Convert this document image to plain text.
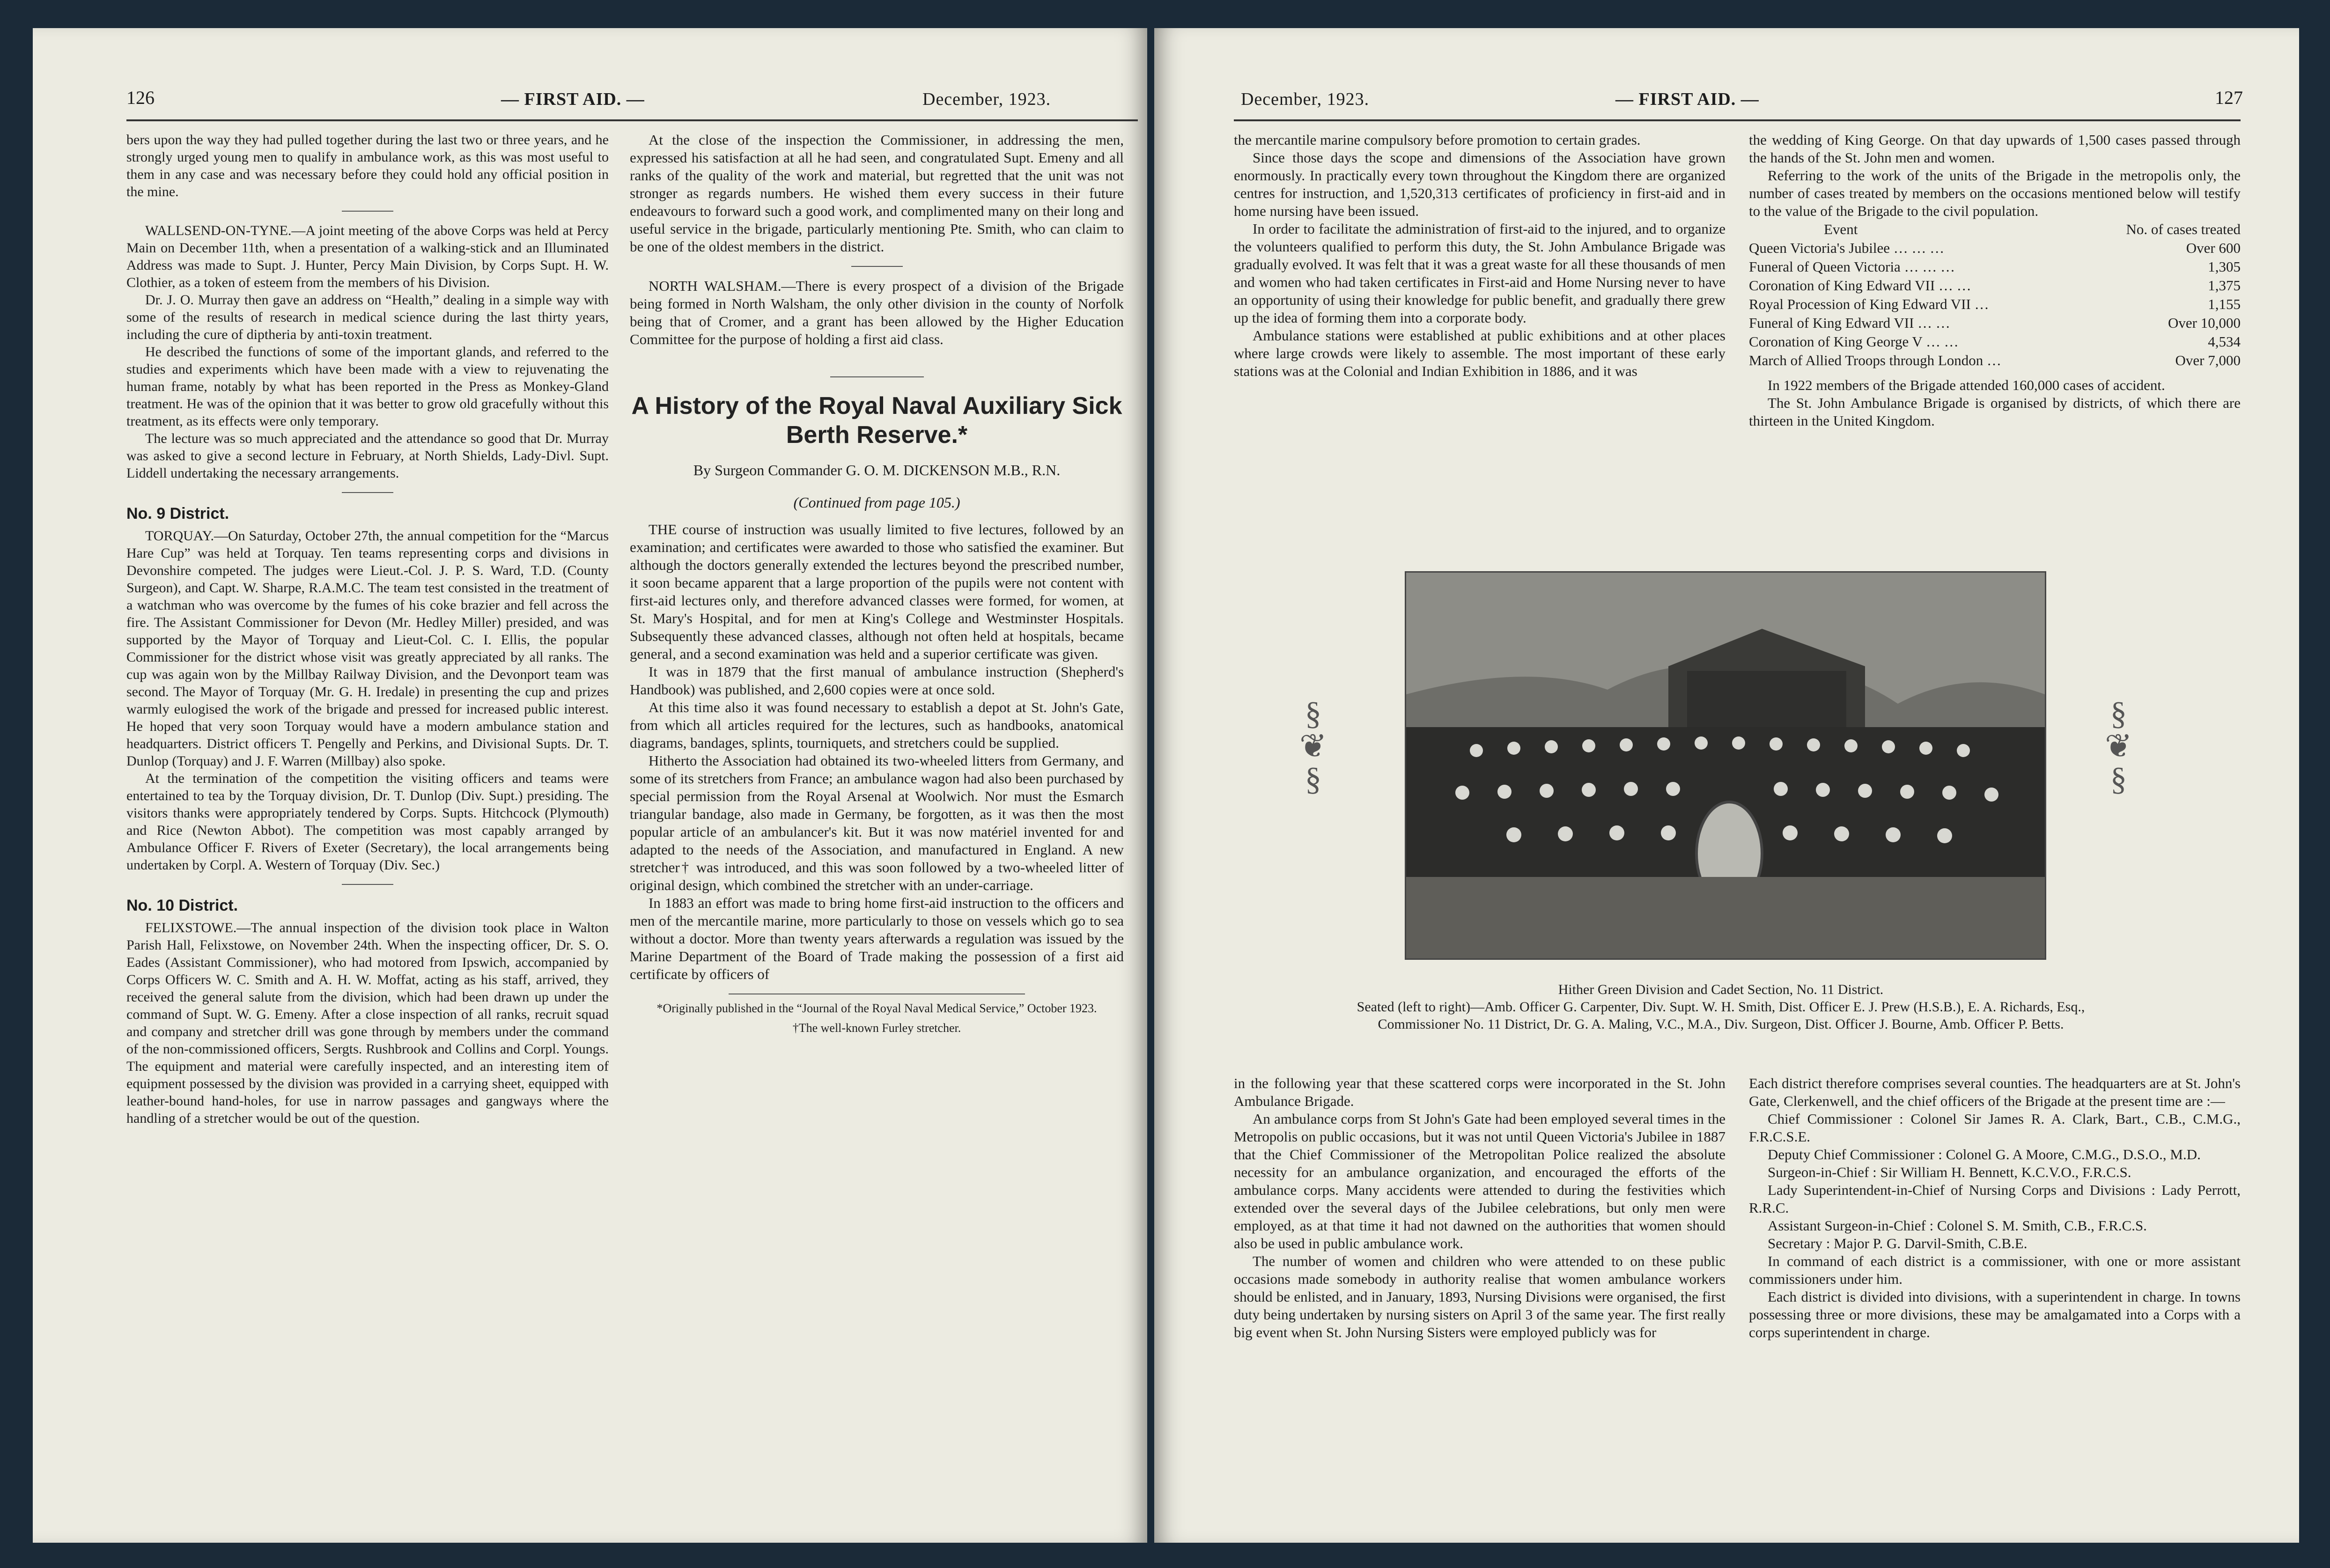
126	— FIRST AID. —	December, 1923.

bers upon the way they had pulled together during the last two or three years, and he strongly urged young men to qualify in ambulance work, as this was most useful to them in any case and was necessary before they could hold any official position in the mine.

WALLSEND-ON-TYNE.—A joint meeting of the above Corps was held at Percy Main on December 11th, when a presentation of a walking-stick and an Illuminated Address was made to Supt. J. Hunter, Percy Main Division, by Corps Supt. H. W. Clothier, as a token of esteem from the members of his Division.

Dr. J. O. Murray then gave an address on “Health,” dealing in a simple way with some of the results of research in medical science during the last thirty years, including the cure of diptheria by anti-toxin treatment.

He described the functions of some of the important glands, and referred to the studies and experiments which have been made with a view to rejuvenating the human frame, notably by what has been reported in the Press as Monkey-Gland treatment. He was of the opinion that it was better to grow old gracefully without this treatment, as its effects were only temporary.

The lecture was so much appreciated and the attendance so good that Dr. Murray was asked to give a second lecture in February, at North Shields, Lady-Divl. Supt. Liddell undertaking the necessary arrangements.

No. 9 District.

TORQUAY.—On Saturday, October 27th, the annual competition for the “Marcus Hare Cup” was held at Torquay. Ten teams representing corps and divisions in Devonshire competed. The judges were Lieut.-Col. J. P. S. Ward, T.D. (County Surgeon), and Capt. W. Sharpe, R.A.M.C. The team test consisted in the treatment of a watchman who was overcome by the fumes of his coke brazier and fell across the fire. The Assistant Commissioner for Devon (Mr. Hedley Miller) presided, and was supported by the Mayor of Torquay and Lieut-Col. C. I. Ellis, the popular Commissioner for the district whose visit was greatly appreciated by all ranks. The cup was again won by the Millbay Railway Division, and the Devonport team was second. The Mayor of Torquay (Mr. G. H. Iredale) in presenting the cup and prizes warmly eulogised the work of the brigade and pressed for increased public interest. He hoped that very soon Torquay would have a modern ambulance station and headquarters. District officers T. Pengelly and Perkins, and Divisional Supts. Dr. T. Dunlop (Torquay) and J. F. Warren (Millbay) also spoke.

At the termination of the competition the visiting officers and teams were entertained to tea by the Torquay division, Dr. T. Dunlop (Div. Supt.) presiding. The visitors thanks were appropriately tendered by Corps. Supts. Hitchcock (Plymouth) and Rice (Newton Abbot). The competition was most capably arranged by Ambulance Officer F. Rivers of Exeter (Secretary), the local arrangements being undertaken by Corpl. A. Western of Torquay (Div. Sec.)

No. 10 District.

FELIXSTOWE.—The annual inspection of the division took place in Walton Parish Hall, Felixstowe, on November 24th. When the inspecting officer, Dr. S. O. Eades (Assistant Commissioner), who had motored from Ipswich, accompanied by Corps Officers W. C. Smith and A. H. W. Moffat, acting as his staff, arrived, they received the general salute from the division, which had been drawn up under the command of Supt. W. G. Emeny. After a close inspection of all ranks, recruit squad and company and stretcher drill was gone through by members under the command of the non-commissioned officers, Sergts. Rushbrook and Collins and Corpl. Youngs. The equipment and material were carefully inspected, and an interesting item of equipment possessed by the division was provided in a carrying sheet, equipped with leather-bound hand-holes, for use in narrow passages and gangways where the handling of a stretcher would be out of the question.

At the close of the inspection the Commissioner, in addressing the men, expressed his satisfaction at all he had seen, and congratulated Supt. Emeny and all ranks of the quality of the work and material, but regretted that the unit was not stronger as regards numbers. He wished them every success in their future endeavours to forward such a good work, and complimented many on their long and useful service in the brigade, particularly mentioning Pte. Smith, who can claim to be one of the oldest members in the district.

NORTH WALSHAM.—There is every prospect of a division of the Brigade being formed in North Walsham, the only other division in the county of Norfolk being that of Cromer, and a grant has been allowed by the Higher Education Committee for the purpose of holding a first aid class.

A History of the Royal Naval Auxiliary Sick Berth Reserve.*
By Surgeon Commander G. O. M. DICKENSON M.B., R.N.
(Continued from page 105.)

THE course of instruction was usually limited to five lectures, followed by an examination; and certificates were awarded to those who satisfied the examiner. But although the doctors generally extended the lectures beyond the prescribed number, it soon became apparent that a large proportion of the pupils were not content with first-aid lectures only, and therefore advanced classes were formed, for women, at St. Mary's Hospital, and for men at King's College and Westminster Hospitals. Subsequently these advanced classes, although not often held at hospitals, became general, and a second examination was held and a superior certificate was given.

It was in 1879 that the first manual of ambulance instruction (Shepherd's Handbook) was published, and 2,600 copies were at once sold.

At this time also it was found necessary to establish a depot at St. John's Gate, from which all articles required for the lectures, such as handbooks, anatomical diagrams, bandages, splints, tourniquets, and stretchers could be supplied.

Hitherto the Association had obtained its two-wheeled litters from Germany, and some of its stretchers from France; an ambulance wagon had also been purchased by special permission from the Royal Arsenal at Woolwich. Nor must the Esmarch triangular bandage, also made in Germany, be forgotten, as it was then the most popular article of an ambulancer's kit. But it was now matériel invented for and adapted to the needs of the Association, and manufactured in England. A new stretcher† was introduced, and this was soon followed by a two-wheeled litter of original design, which combined the stretcher with an under-carriage.

In 1883 an effort was made to bring home first-aid instruction to the officers and men of the mercantile marine, more particularly to those on vessels which go to sea without a doctor. More than twenty years afterwards a regulation was issued by the Marine Department of the Board of Trade making the possession of a first aid certificate by officers of

*Originally published in the “Journal of the Royal Naval Medical Service,” October 1923.
†The well-known Furley stretcher.
December, 1923.	— FIRST AID. —	127

the mercantile marine compulsory before promotion to certain grades.

Since those days the scope and dimensions of the Association have grown enormously. In practically every town throughout the Kingdom there are organized centres for instruction, and 1,520,313 certificates of proficiency in first-aid and in home nursing have been issued.

In order to facilitate the administration of first-aid to the injured, and to organize the volunteers qualified to perform this duty, the St. John Ambulance Brigade was gradually evolved. It was felt that it was a great waste for all these thousands of men and women who had taken certificates in First-aid and Home Nursing never to have an opportunity of using their knowledge for public benefit, and gradually there grew up the idea of forming them into a corporate body.

Ambulance stations were established at public exhibitions and at other places where large crowds were likely to assemble. The most important of these early stations was at the Colonial and Indian Exhibition in 1886, and it was

the wedding of King George. On that day upwards of 1,500 cases passed through the hands of the St. John men and women.

Referring to the work of the units of the Brigade in the metropolis only, the number of cases treated by members on the occasions mentioned below will testify to the value of the Brigade to the civil population.

Event	No. of cases treated
Queen Victoria's Jubilee … … …	Over 600
Funeral of Queen Victoria … … …	1,305
Coronation of King Edward VII … …	1,375
Royal Procession of King Edward VII …	1,155
Funeral of King Edward VII … …	Over 10,000
Coronation of King George V … …	4,534
March of Allied Troops through London …	Over 7,000

In 1922 members of the Brigade attended 160,000 cases of accident.

The St. John Ambulance Brigade is organised by districts, of which there are thirteen in the United Kingdom.

§
❦
§
§
❦
§
Hither Green Division and Cadet Section, No. 11 District.
Seated (left to right)—Amb. Officer G. Carpenter, Div. Supt. W. H. Smith, Dist. Officer E. J. Prew (H.S.B.), E. A. Richards, Esq., Commissioner No. 11 District, Dr. G. A. Maling, V.C., M.A., Div. Surgeon, Dist. Officer J. Bourne, Amb. Officer P. Betts.

in the following year that these scattered corps were incorporated in the St. John Ambulance Brigade.

An ambulance corps from St John's Gate had been employed several times in the Metropolis on public occasions, but it was not until Queen Victoria's Jubilee in 1887 that the Chief Commissioner of the Metropolitan Police realized the absolute necessity for an ambulance organization, and encouraged the efforts of the ambulance corps. Many accidents were attended to during the festivities which extended over the several days of the Jubilee celebrations, but only men were employed, as at that time it had not dawned on the authorities that women should also be used in public ambulance work.

The number of women and children who were attended to on these public occasions made somebody in authority realise that women ambulance workers should be enlisted, and in January, 1893, Nursing Divisions were organised, the first duty being undertaken by nursing sisters on April 3 of the same year. The first really big event when St. John Nursing Sisters were employed publicly was for

Each district therefore comprises several counties. The headquarters are at St. John's Gate, Clerkenwell, and the chief officers of the Brigade at the present time are :—

Chief Commissioner : Colonel Sir James R. A. Clark, Bart., C.B., C.M.G., F.R.C.S.E.

Deputy Chief Commissioner : Colonel G. A Moore, C.M.G., D.S.O., M.D.

Surgeon-in-Chief : Sir William H. Bennett, K.C.V.O., F.R.C.S.

Lady Superintendent-in-Chief of Nursing Corps and Divisions : Lady Perrott, R.R.C.

Assistant Surgeon-in-Chief : Colonel S. M. Smith, C.B., F.R.C.S.

Secretary : Major P. G. Darvil-Smith, C.B.E.

In command of each district is a commissioner, with one or more assistant commissioners under him.

Each district is divided into divisions, with a superintendent in charge. In towns possessing three or more divisions, these may be amalgamated into a Corps with a corps superintendent in charge.
